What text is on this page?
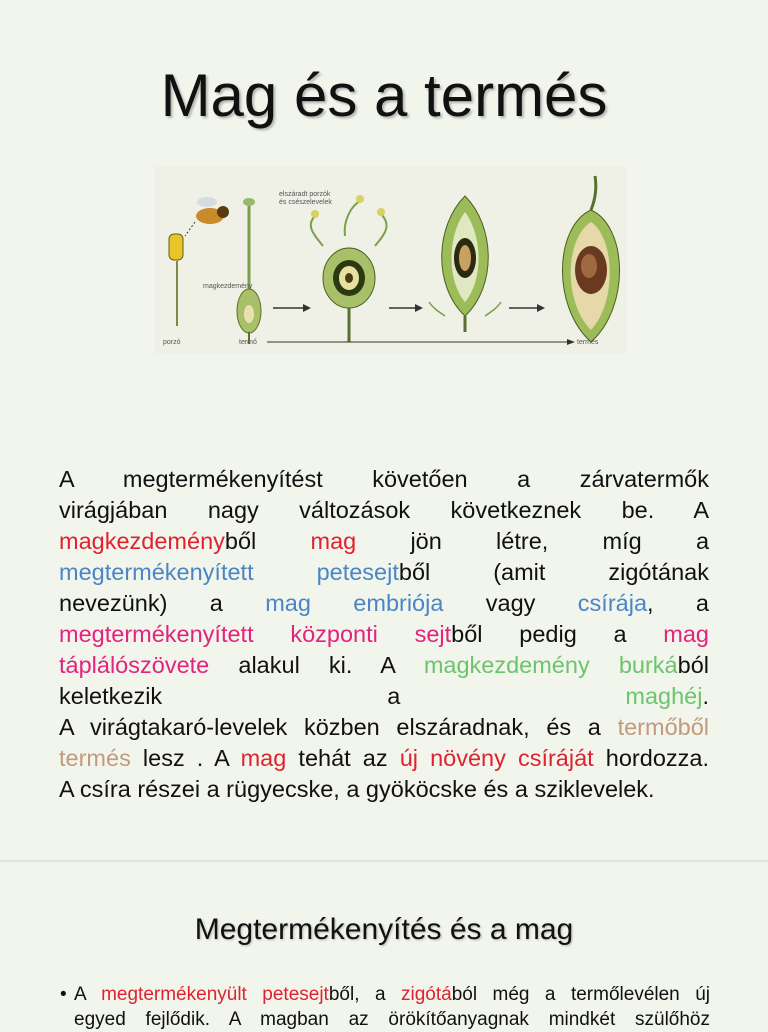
Mag és a termés
porzó	termő
magkezdemény
elszáradt porzók
és csészelevelek
termés
A megtermékenyítést követően a zárvatermők
virágjában nagy változások következnek be. A
magkezdeményből mag jön létre, míg a
megtermékenyített petesejtből (amit zigótának
nevezünk) a mag embriója vagy csírája, a
megtermékenyített központi sejtből pedig a mag
táplálószövete alakul ki. A magkezdemény burkából
keletkezik a maghéj.
A virágtakaró-levelek közben elszáradnak, és a termőből
termés lesz . A mag tehát az új növény csíráját hordozza.
A csíra részei a rügyecske, a gyököcske és a sziklevelek.
Megtermékenyítés és a mag
• A megtermékenyült petesejtből, a zigótából még a termőlevélen új
egyed fejlődik. A magban az örökítőanyagnak mindkét szülőhöz
